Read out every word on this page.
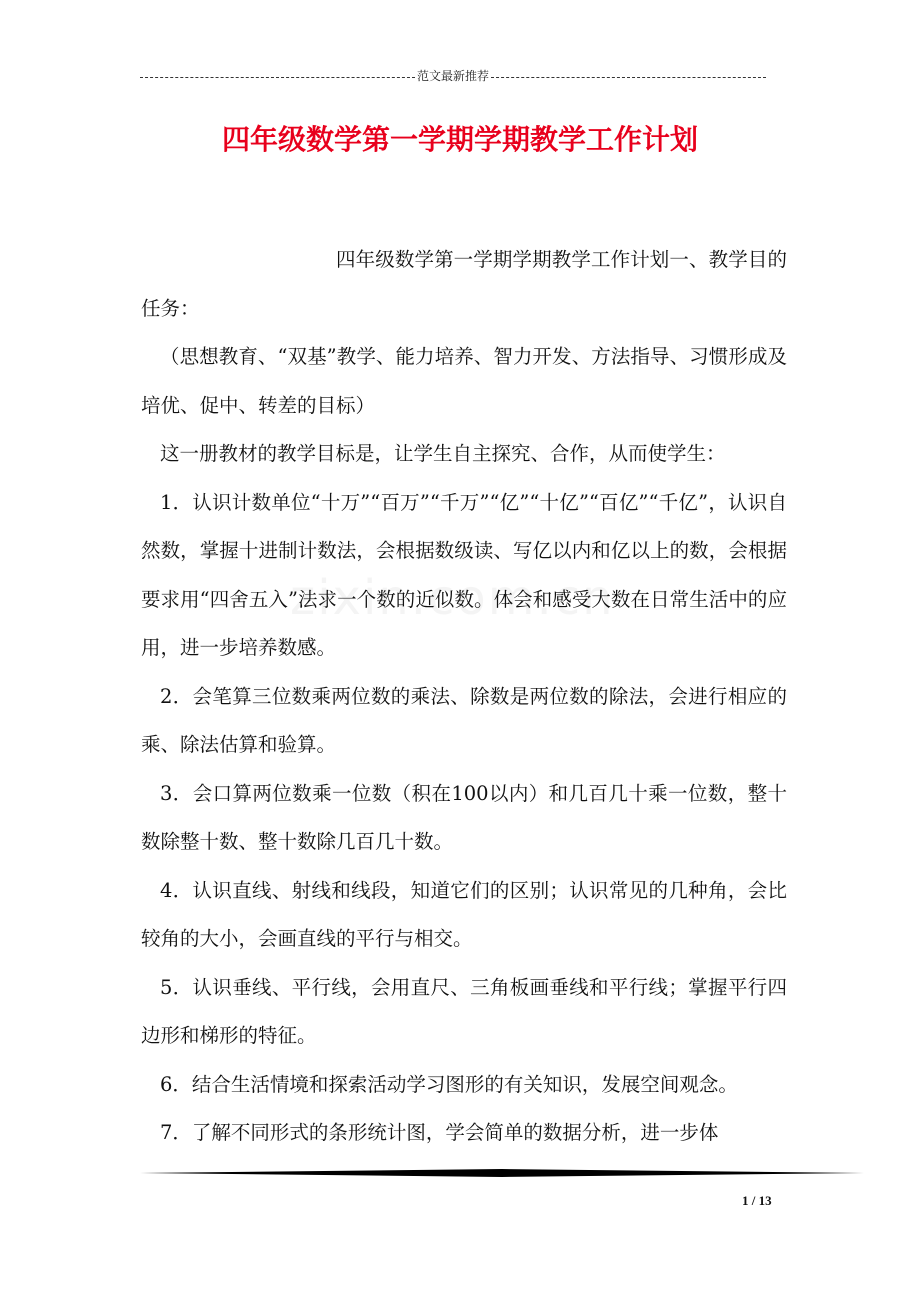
范文最新推荐
四年级数学第一学期学期教学工作计划

四年级数学第一学期学期教学工作计划一、教学目的任务：

（思想教育、“双基”教学、能力培养、智力开发、方法指导、习惯形成及培优、促中、转差的目标）

这一册教材的教学目标是，让学生自主探究、合作，从而使学生：

1．认识计数单位“十万”“百万”“千万”“亿”“十亿”“百亿”“千亿”，认识自然数，掌握十进制计数法，会根据数级读、写亿以内和亿以上的数，会根据要求用“四舍五入”法求一个数的近似数。体会和感受大数在日常生活中的应用，进一步培养数感。

2．会笔算三位数乘两位数的乘法、除数是两位数的除法，会进行相应的乘、除法估算和验算。

3．会口算两位数乘一位数（积在100以内）和几百几十乘一位数，整十数除整十数、整十数除几百几十数。

4．认识直线、射线和线段，知道它们的区别；认识常见的几种角，会比较角的大小，会画直线的平行与相交。

5．认识垂线、平行线，会用直尺、三角板画垂线和平行线；掌握平行四边形和梯形的特征。

6．结合生活情境和探索活动学习图形的有关知识，发展空间观念。

7．了解不同形式的条形统计图，学会简单的数据分析，进一步体

1 / 13
